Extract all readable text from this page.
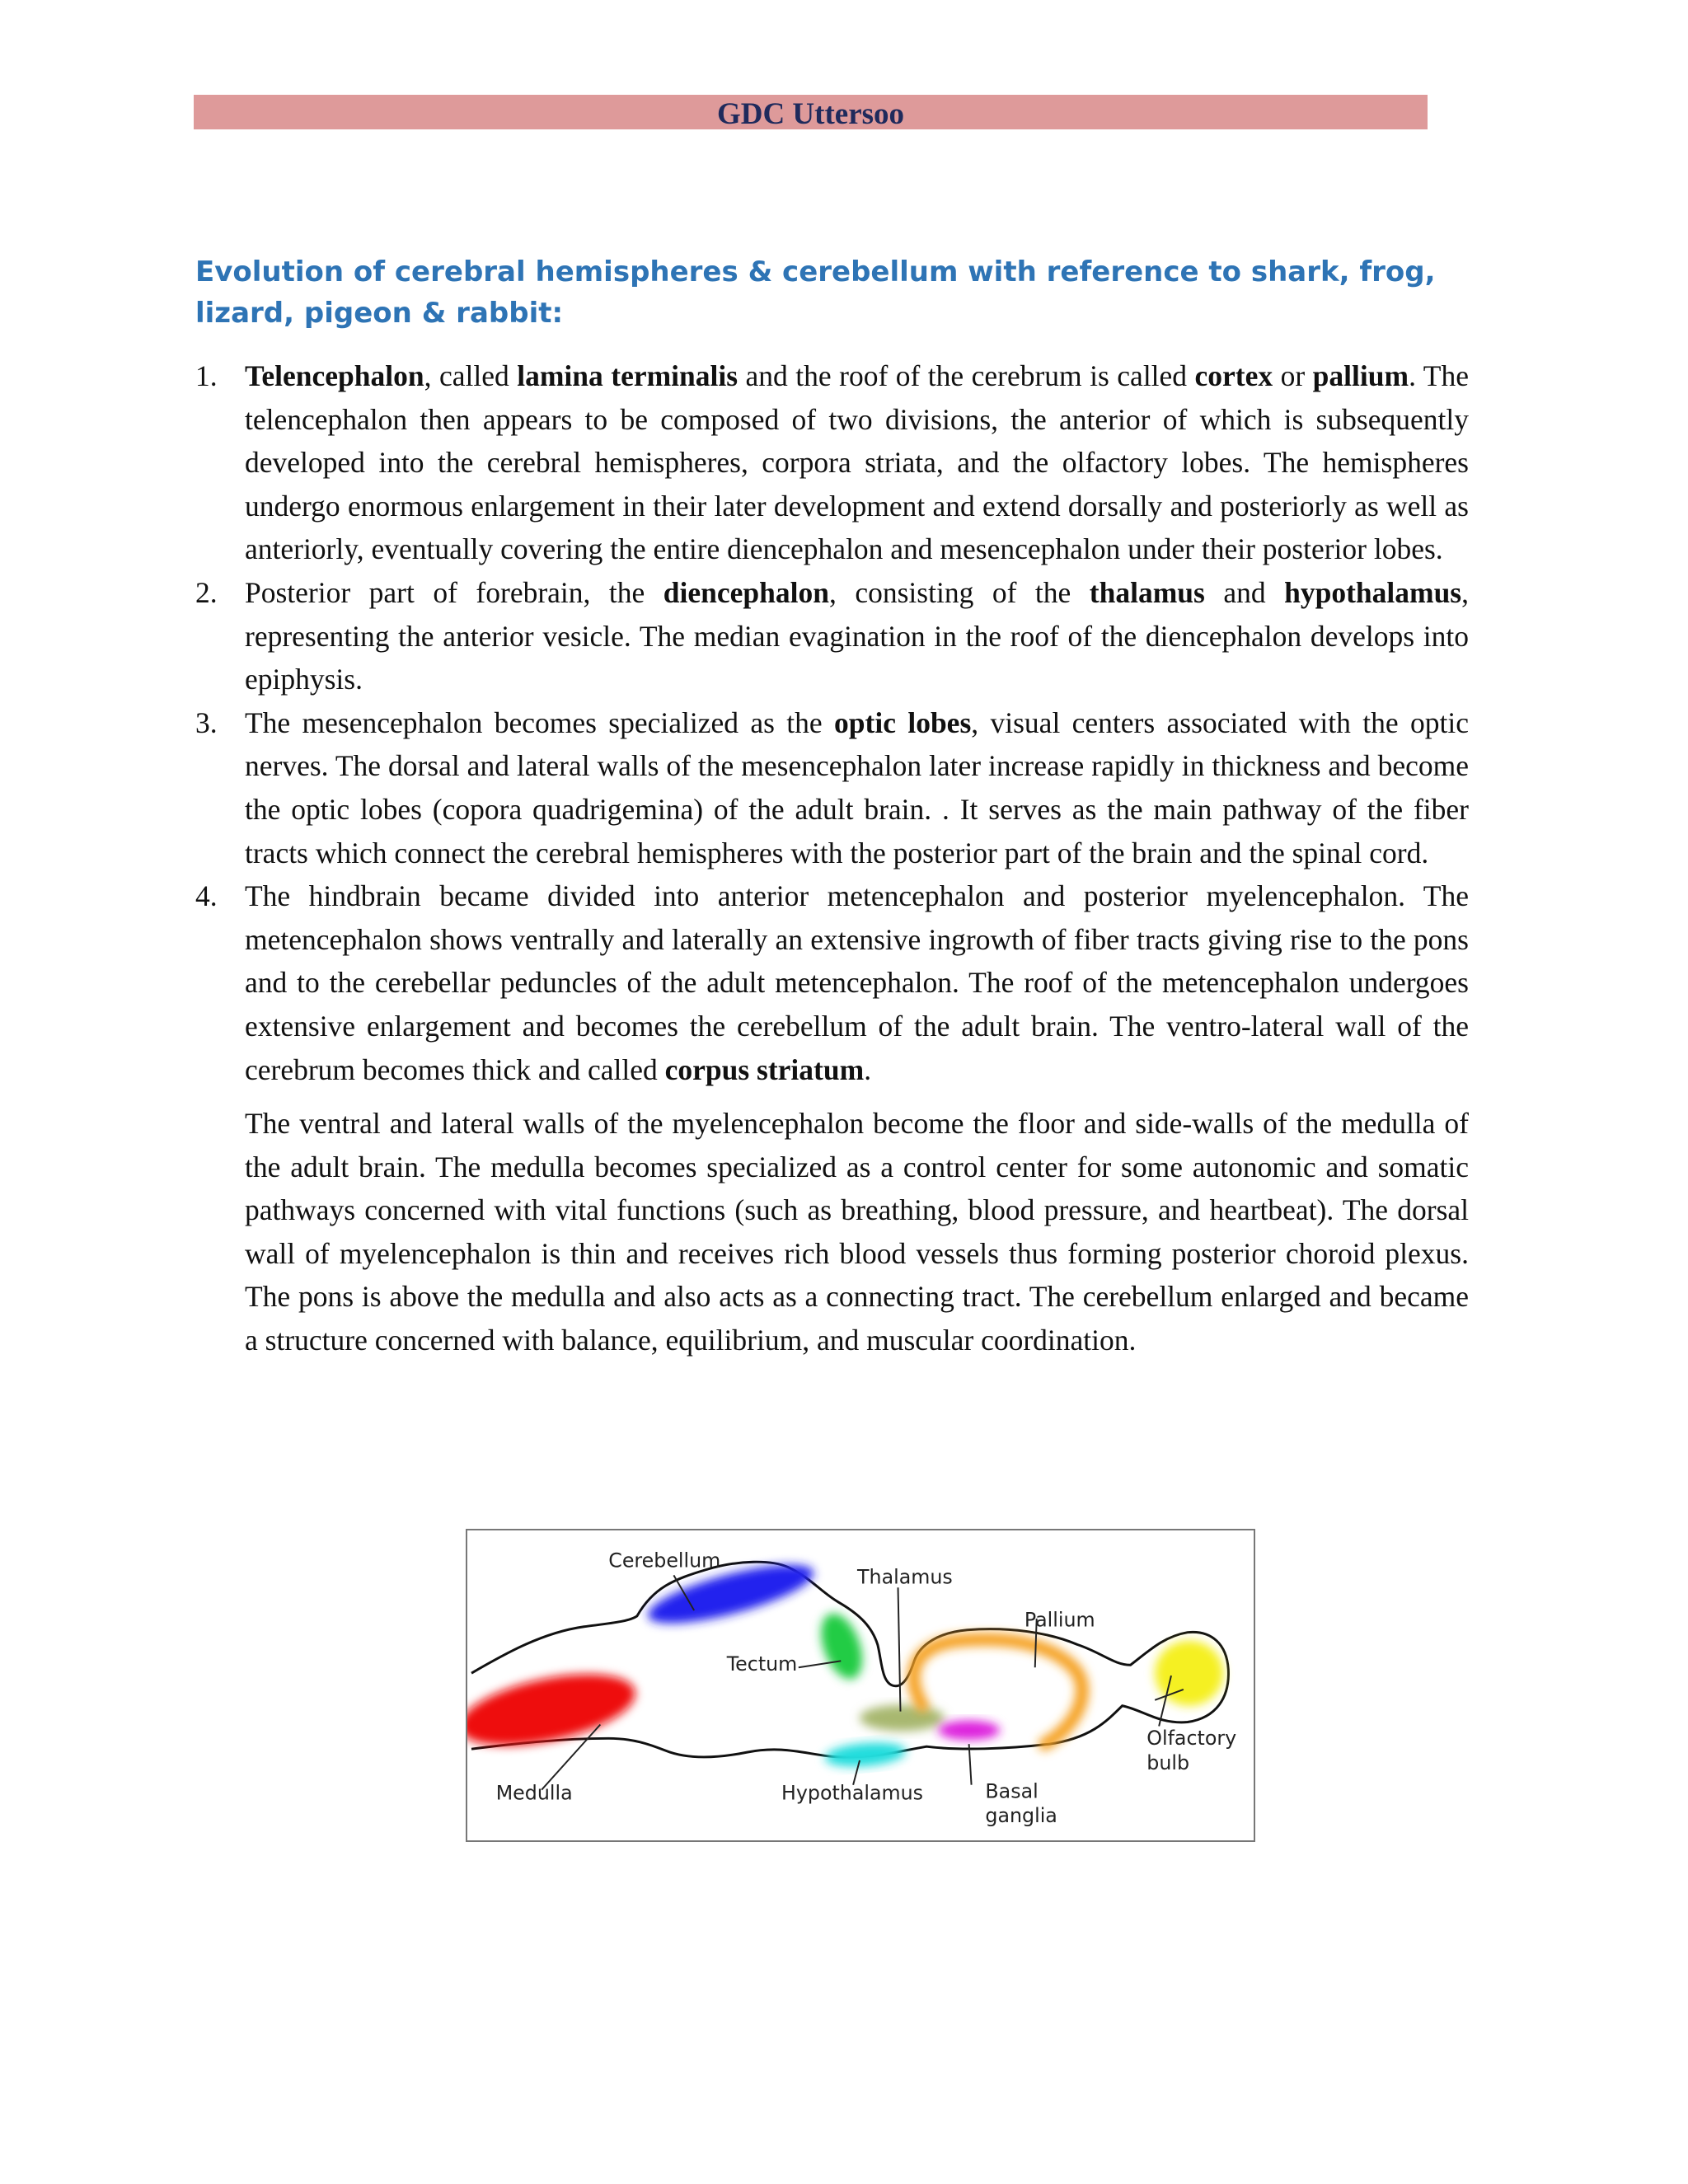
GDC Uttersoo
Evolution of cerebral hemispheres & cerebellum with reference to shark, frog, lizard, pigeon & rabbit:
1. Telencephalon, called lamina terminalis and the roof of the cerebrum is called cortex or pallium. The telencephalon then appears to be composed of two divisions, the anterior of which is subsequently developed into the cerebral hemispheres, corpora striata, and the olfactory lobes. The hemispheres undergo enormous enlargement in their later development and extend dorsally and posteriorly as well as anteriorly, eventually covering the entire diencephalon and mesencephalon under their posterior lobes.
2. Posterior part of forebrain, the diencephalon, consisting of the thalamus and hypothalamus, representing the anterior vesicle. The median evagination in the roof of the diencephalon develops into epiphysis.
3. The mesencephalon becomes specialized as the optic lobes, visual centers associated with the optic nerves. The dorsal and lateral walls of the mesencephalon later increase rapidly in thickness and become the optic lobes (copora quadrigemina) of the adult brain. . It serves as the main pathway of the fiber tracts which connect the cerebral hemispheres with the posterior part of the brain and the spinal cord.
4. The hindbrain became divided into anterior metencephalon and posterior myelencephalon. The metencephalon shows ventrally and laterally an extensive ingrowth of fiber tracts giving rise to the pons and to the cerebellar peduncles of the adult metencephalon. The roof of the metencephalon undergoes extensive enlargement and becomes the cerebellum of the adult brain. The ventro-lateral wall of the cerebrum becomes thick and called corpus striatum.
The ventral and lateral walls of the myelencephalon become the floor and side-walls of the medulla of the adult brain. The medulla becomes specialized as a control center for some autonomic and somatic pathways concerned with vital functions (such as breathing, blood pressure, and heartbeat). The dorsal wall of myelencephalon is thin and receives rich blood vessels thus forming posterior choroid plexus. The pons is above the medulla and also acts as a connecting tract. The cerebellum enlarged and became a structure concerned with balance, equilibrium, and muscular coordination.
Cerebellum
Thalamus
Pallium
Tectum
Olfactory
bulb
Medulla	Hypothalamus	Basal
ganglia
